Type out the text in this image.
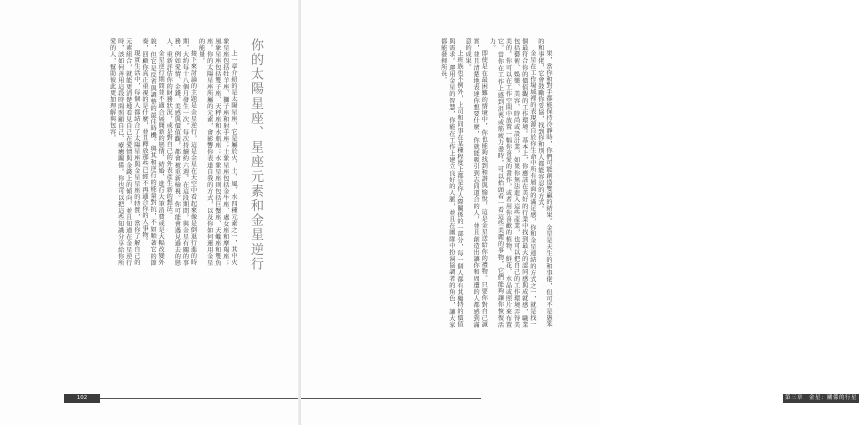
上一章介紹的是太陽星座，它是屬於火、土、風、水四種元素之一，其中火象星座包括牡羊座、獅子座和射手座；土象星座包括金牛座、處女座和摩羯座；風象星座包括雙子座、天秤座和水瓶座；水象星座則包括巨蟹座、天蠍座和雙魚座。你的太陽星座所屬的元素，會影響你表達自我的方式，以及你如何運用金星的能量。

接下來討論的主題是金星逆行，這是金星在天空中看起來像是倒退行進的時期，大約每十八個月發生一次，每次持續約六週。在這段期間，與金星有關的事務，例如愛情、金錢、美感與價值觀，都會被重新檢視。你可能會遇見過去的戀人、重新評估你的財務狀況，或是對自己的外表產生新的想法。

金星逆行期間並不適合展開新的戀情、結婚、進行大筆消費或是大幅改變外貌，但它是反省與調整的最佳時機。與其和逆行的能量對抗，不如順著它的節奏，回顧你真正重視的是什麼，並且釋放那些已經不再適合你的人事物。

現實生活中，每個人都結合了太陽星座與金星星座的特質，當你了解自己的元素組合，就能更清楚地看見自己在愛情與金錢上的傾向，並且知道在金星逆行時，該如何善用這段時間照顧自己、療癒關係。你也可以把這些知識分享給你所愛的人，幫助彼此更加理解與包容。	你的太陽星座、星座元素和金星逆行
102

果，當你和對手都能保持冷靜時，你們可能創造雙贏的結果。金星是天生的和事佬，但可不是愚笨的和事佬，它會鼓勵你妥協，找到你和別人都能容忍的方式。

金星在工作場域裡的表現源自於你生命中所有層面的滿足感，你和金星連結的方式之一，就是找一個最符合你的價值觀的工作環境。基本上，你應該在美好的行業中找到最大的認同感與成就感，職業包括藝術、娛樂、美容、時尚或設計業，如果你無法進入這些產業，也可以把自己的工作環境弄得美美的。你可以在工作空間中放置一幅你喜愛的畫作，或者用你喜歡的植物、鮮花、水晶或照片來布置它。當你在工作上感到沮喪或筋疲力盡時，可以抬頭看一看這些美麗的事物，它們能夠讓你恢復活力。

即使是在最困難的情境中，你也能夠找到和諧與愉悅，這是金星送給你的禮物。只要你對自己誠實，並且清楚地表達你想要什麼，你就能吸引到志同道合的人，並且創造出讓你和周遭的人都感到滿意的成果。

上班族也不例外，上司和同事在某種程度上都是你人際關係的一部分，每一個人都有其獨特的價值與需求。運用金星的智慧，你能在工作上建立良好的人脈，並且在團隊中扮演協調者的角色，讓大家都能發揮所長。

第三章　金星：關係的行星
